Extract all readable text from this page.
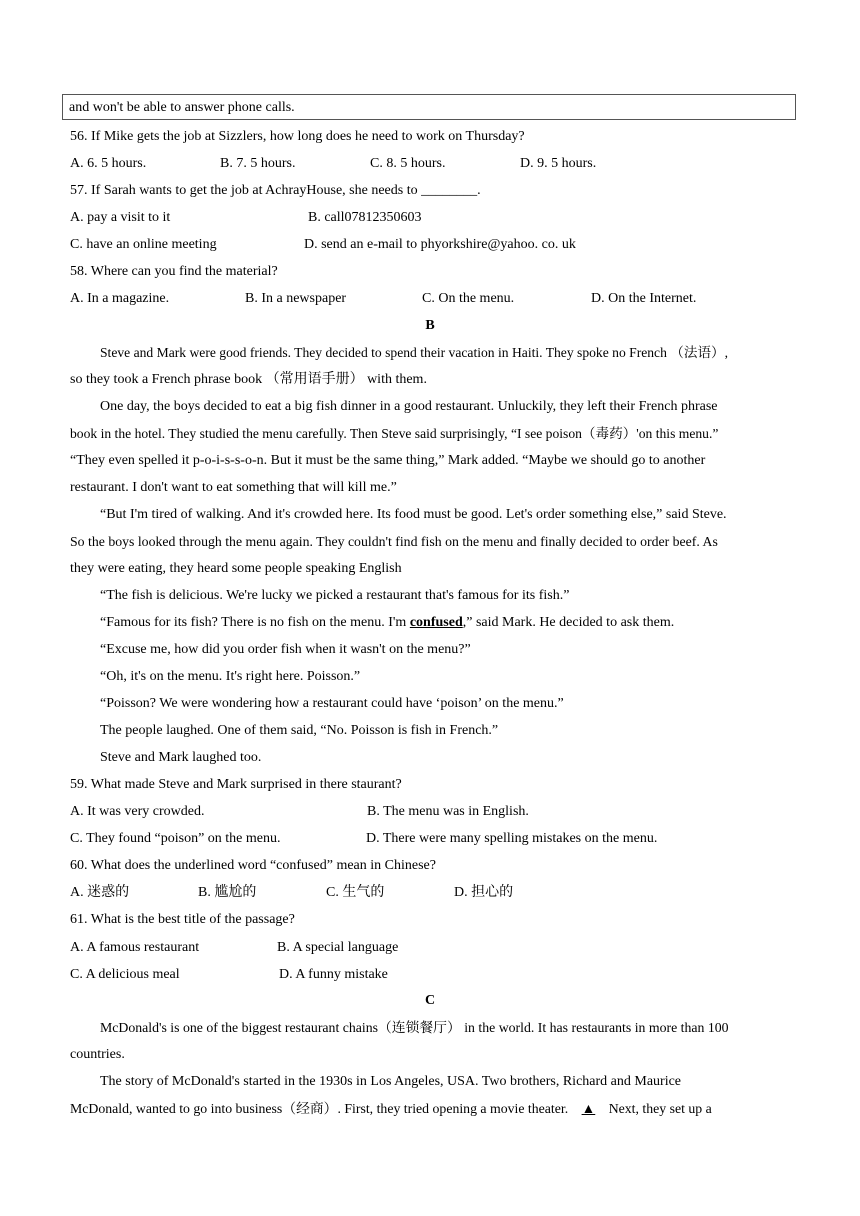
and won't be able to answer phone calls.
56. If Mike gets the job at Sizzlers, how long does he need to work on Thursday?
A. 6. 5 hours.	B. 7. 5 hours.	C. 8. 5 hours.	D. 9. 5 hours.
57. If Sarah wants to get the job at AchrayHouse, she needs to ________.
A. pay a visit to it	B. call07812350603
C. have an online meeting	D. send an e-mail to phyorkshire@yahoo. co. uk
58. Where can you find the material?
A. In a magazine.	B. In a newspaper	C. On the menu.	D. On the Internet.
B
Steve and Mark were good friends. They decided to spend their vacation in Haiti. They spoke no French （法语）,
so they took a French phrase book （常用语手册） with them.
One day, the boys decided to eat a big fish dinner in a good restaurant. Unluckily, they left their French phrase
book in the hotel. They studied the menu carefully. Then Steve said surprisingly, “I see poison（毒药）'on this menu.”
“They even spelled it p-o-i-s-s-o-n. But it must be the same thing,” Mark added. “Maybe we should go to another
restaurant. I don't want to eat something that will kill me.”
“But I'm tired of walking. And it's crowded here. Its food must be good. Let's order something else,” said Steve.
So the boys looked through the menu again. They couldn't find fish on the menu and finally decided to order beef. As
they were eating, they heard some people speaking English
“The fish is delicious. We're lucky we picked a restaurant that's famous for its fish.”
“Famous for its fish? There is no fish on the menu. I'm confused,” said Mark. He decided to ask them.
“Excuse me, how did you order fish when it wasn't on the menu?”
“Oh, it's on the menu. It's right here. Poisson.”
“Poisson? We were wondering how a restaurant could have ‘poison’ on the menu.”
The people laughed. One of them said, “No. Poisson is fish in French.”
Steve and Mark laughed too.
59. What made Steve and Mark surprised in there staurant?
A. It was very crowded.	B. The menu was in English.
C. They found “poison” on the menu.	D. There were many spelling mistakes on the menu.
60. What does the underlined word “confused” mean in Chinese?
A. 迷惑的	B. 尴尬的	C. 生气的	D. 担心的
61. What is the best title of the passage?
A. A famous restaurant	B. A special language
C. A delicious meal	D. A funny mistake
C
McDonald's is one of the biggest restaurant chains（连锁餐厅） in the world. It has restaurants in more than 100
countries.
The story of McDonald's started in the 1930s in Los Angeles, USA. Two brothers, Richard and Maurice
McDonald, wanted to go into business（经商）. First, they tried opening a movie theater. ▲ Next, they set up a
